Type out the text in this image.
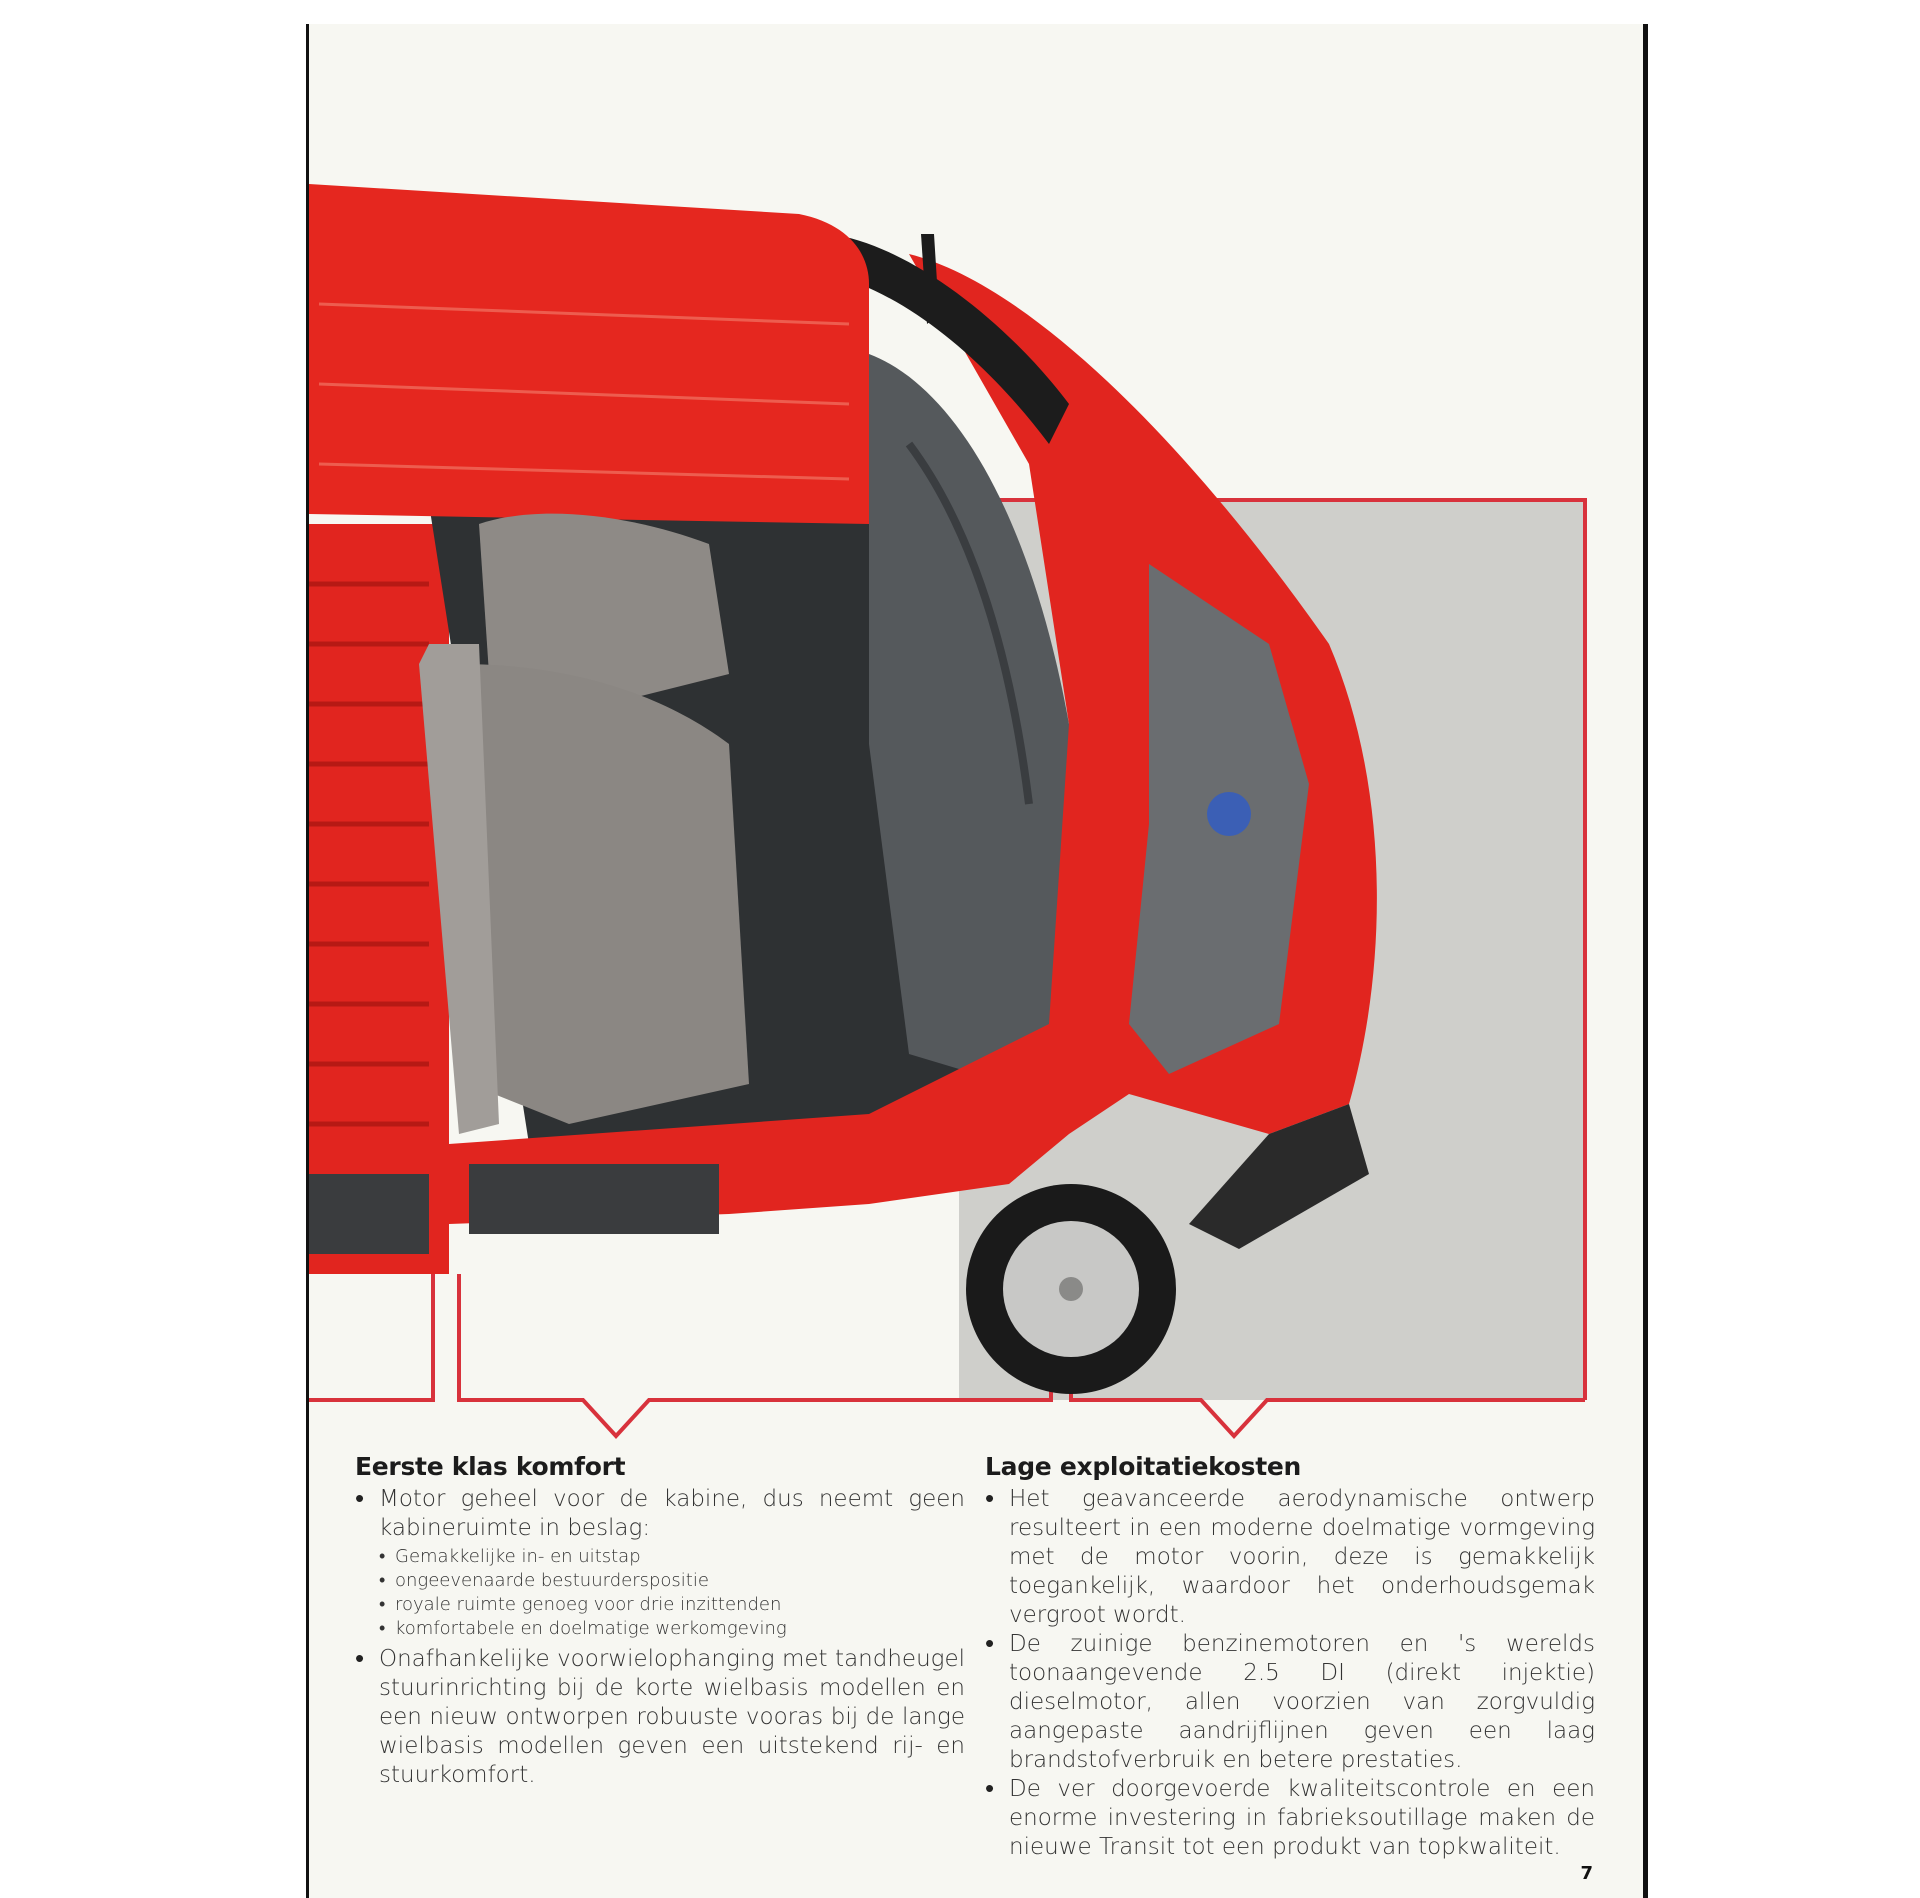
Eerste klas komfort
• Motor geheel voor de kabine, dus neemt geen kabineruimte in beslag:
• Gemakkelijke in- en uitstap
• ongeevenaarde bestuurderspositie
• royale ruimte genoeg voor drie inzittenden
• komfortabele en doelmatige werkomgeving
• Onafhankelijke voorwielophanging met tandheugel stuurinrichting bij de korte wielbasis modellen en een nieuw ontworpen robuuste vooras bij de lange wielbasis modellen geven een uitstekend rij- en stuurkomfort.
Lage exploitatiekosten
• Het geavanceerde aerodynamische ontwerp resulteert in een moderne doelmatige vormgeving met de motor voorin, deze is gemakkelijk toegankelijk, waardoor het onderhoudsgemak vergroot wordt.
• De zuinige benzinemotoren en 's werelds toonaangevende 2.5 DI (direkt injektie) dieselmotor, allen voorzien van zorgvuldig aangepaste aandrijflijnen geven een laag brandstofverbruik en betere prestaties.
• De ver doorgevoerde kwaliteitscontrole en een enorme investering in fabrieksoutillage maken de nieuwe Transit tot een produkt van topkwaliteit.
7
